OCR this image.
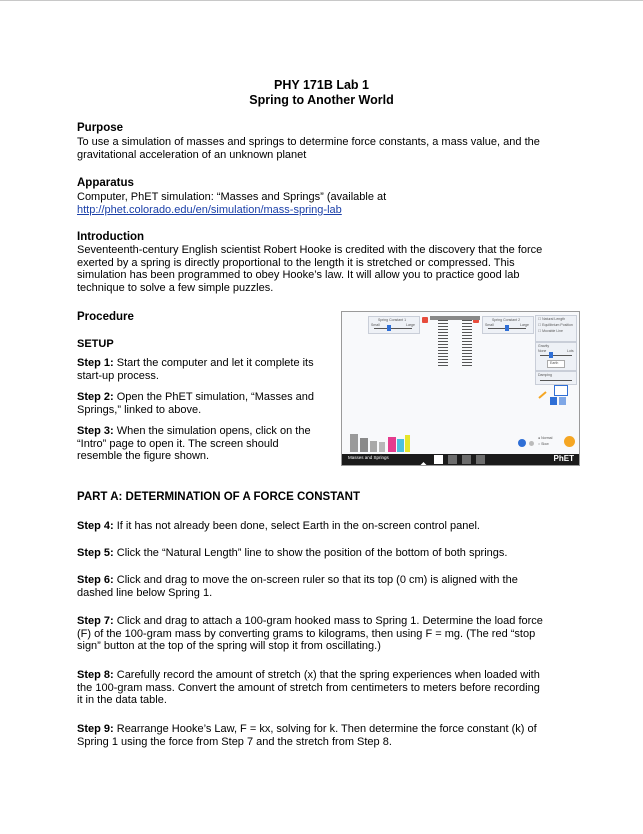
PHY 171B Lab 1
Spring to Another World
Purpose
To use a simulation of masses and springs to determine force constants, a mass value, and the
gravitational acceleration of an unknown planet
Apparatus
Computer, PhET simulation: “Masses and Springs” (available at
http://phet.colorado.edu/en/simulation/mass-spring-lab
Introduction
Seventeenth-century English scientist Robert Hooke is credited with the discovery that the force
exerted by a spring is directly proportional to the length it is stretched or compressed. This
simulation has been programmed to obey Hooke’s law. It will allow you to practice good lab
technique to solve a few simple puzzles.
Procedure
SETUP
Step 1: Start the computer and let it complete its
start-up process.
Step 2: Open the PhET simulation, “Masses and
Springs,” linked to above.
Step 3: When the simulation opens, click on the
“Intro” page to open it. The screen should
resemble the figure shown.
Spring Constant 1
Small	Large
Spring Constant 2
Small	Large
☐ Natural Length
☐ Equilibrium Position
☐ Movable Line
Gravity
None	Lots
Earth
Damping
● Normal
○ Slow
Masses and Springs	PhET
PART A: DETERMINATION OF A FORCE CONSTANT
Step 4: If it has not already been done, select Earth in the on-screen control panel.
Step 5: Click the “Natural Length” line to show the position of the bottom of both springs.
Step 6: Click and drag to move the on-screen ruler so that its top (0 cm) is aligned with the
dashed line below Spring 1.
Step 7: Click and drag to attach a 100-gram hooked mass to Spring 1. Determine the load force
(F) of the 100-gram mass by converting grams to kilograms, then using F = mg. (The red “stop
sign” button at the top of the spring will stop it from oscillating.)
Step 8: Carefully record the amount of stretch (x) that the spring experiences when loaded with
the 100-gram mass. Convert the amount of stretch from centimeters to meters before recording
it in the data table.
Step 9: Rearrange Hooke’s Law, F = kx, solving for k. Then determine the force constant (k) of
Spring 1 using the force from Step 7 and the stretch from Step 8.
